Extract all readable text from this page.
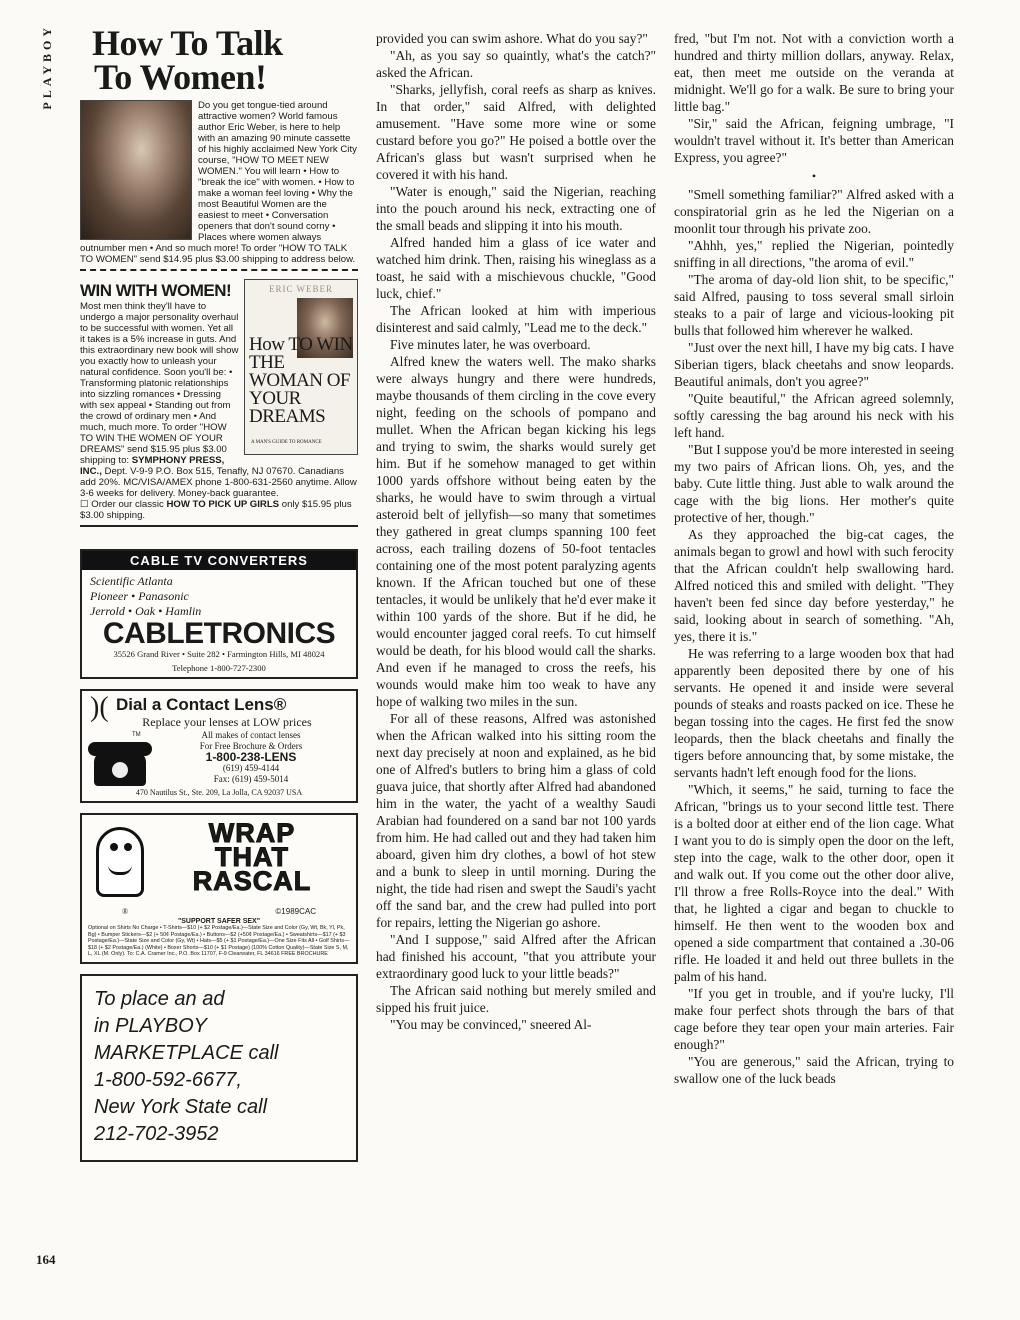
PLAYBOY
164
How To Talk
To Women!
Do you get tongue-tied around attractive women? World famous author Eric Weber, is here to help with an amazing 90 minute cassette of his highly acclaimed New York City course, "HOW TO MEET NEW WOMEN." You will learn • How to "break the ice" with women. • How to make a woman feel loving • Why the most Beautiful Women are the easiest to meet • Conversation openers that don't sound corny • Places where women always outnumber men • And so much more! To order "HOW TO TALK TO WOMEN" send $14.95 plus $3.00 shipping to address below.
WIN WITH WOMEN!	ERIC WEBER
How TO WIN THE WOMAN OF YOUR DREAMS
A MAN'S GUIDE TO ROMANCE
Most men think they'll have to undergo a major personality overhaul to be successful with women. Yet all it takes is a 5% increase in guts. And this extraordinary new book will show you exactly how to unleash your natural confidence. Soon you'll be: • Transforming platonic relationships into sizzling romances • Dressing with sex appeal • Standing out from the crowd of ordinary men • And much, much more. To order "HOW TO WIN THE WOMEN OF YOUR DREAMS" send $15.95 plus $3.00 shipping to: SYMPHONY PRESS, INC., Dept. V-9-9 P.O. Box 515, Tenafly, NJ 07670. Canadians add 20%. MC/VISA/AMEX phone 1-800-631-2560 anytime. Allow 3-6 weeks for delivery. Money-back guarantee.
☐ Order our classic HOW TO PICK UP GIRLS only $15.95 plus $3.00 shipping.
CABLE TV CONVERTERS
Scientific Atlanta
Pioneer • Panasonic
Jerrold • Oak • Hamlin
CABLETRONICS
35526 Grand River • Suite 282 • Farmington Hills, MI 48024
Telephone 1-800-727-2300
)( Dial a Contact Lens®
Replace your lenses at LOW prices
TM	All makes of contact lenses
For Free Brochure & Orders
1-800-238-LENS
(619) 459-4144
Fax: (619) 459-5014
470 Nautilus St., Ste. 209, La Jolla, CA 92037 USA
WRAP
THAT
RASCAL
®	©1989CAC
"SUPPORT SAFER SEX"
Optional on Shirts No Charge • T-Shirts—$10 (+ $2 Postage/Ea.)—State Size and Color (Gy, Wt, Bk, Yl, Pk, Bg) • Bumper Stickers—$2 (+ 50¢ Postage/Ea.) • Buttons—$2 (+50¢ Postage/Ea.) • Sweatshirts—$17 (+ $3 Postage/Ea.)—State Size and Color (Gy, Wt) • Hats—$5 (+ $1 Postage/Ea.)—One Size Fits All • Golf Shirts—$18 (+ $2 Postage/Ea.) (White) • Boxer Shorts—$10 (+ $1 Postage) (100% Cotton Quality)—State Size S, M, L, XL (M. Only). To: C.A. Cramer Inc., P.O. Box 11707, F-9 Clearwater, FL 34616 FREE BROCHURE
To place an ad
in PLAYBOY
MARKETPLACE call
1-800-592-6677,
New York State call
212-702-3952

provided you can swim ashore. What do you say?"

"Ah, as you say so quaintly, what's the catch?" asked the African.

"Sharks, jellyfish, coral reefs as sharp as knives. In that order," said Alfred, with delighted amusement. "Have some more wine or some custard before you go?" He poised a bottle over the African's glass but wasn't surprised when he covered it with his hand.

"Water is enough," said the Nigerian, reaching into the pouch around his neck, extracting one of the small beads and slipping it into his mouth.

Alfred handed him a glass of ice water and watched him drink. Then, raising his wineglass as a toast, he said with a mischievous chuckle, "Good luck, chief."

The African looked at him with imperious disinterest and said calmly, "Lead me to the deck."

Five minutes later, he was overboard.

Alfred knew the waters well. The mako sharks were always hungry and there were hundreds, maybe thousands of them circling in the cove every night, feeding on the schools of pompano and mullet. When the African began kicking his legs and trying to swim, the sharks would surely get him. But if he somehow managed to get within 1000 yards offshore without being eaten by the sharks, he would have to swim through a virtual asteroid belt of jellyfish—so many that sometimes they gathered in great clumps spanning 100 feet across, each trailing dozens of 50-foot tentacles containing one of the most potent paralyzing agents known. If the African touched but one of these tentacles, it would be unlikely that he'd ever make it within 100 yards of the shore. But if he did, he would encounter jagged coral reefs. To cut himself would be death, for his blood would call the sharks. And even if he managed to cross the reefs, his wounds would make him too weak to have any hope of walking two miles in the sun.

For all of these reasons, Alfred was astonished when the African walked into his sitting room the next day precisely at noon and explained, as he bid one of Alfred's butlers to bring him a glass of cold guava juice, that shortly after Alfred had abandoned him in the water, the yacht of a wealthy Saudi Arabian had foundered on a sand bar not 100 yards from him. He had called out and they had taken him aboard, given him dry clothes, a bowl of hot stew and a bunk to sleep in until morning. During the night, the tide had risen and swept the Saudi's yacht off the sand bar, and the crew had pulled into port for repairs, letting the Nigerian go ashore.

"And I suppose," said Alfred after the African had finished his account, "that you attribute your extraordinary good luck to your little beads?"

The African said nothing but merely smiled and sipped his fruit juice.

"You may be convinced," sneered Al-

fred, "but I'm not. Not with a conviction worth a hundred and thirty million dollars, anyway. Relax, eat, then meet me outside on the veranda at midnight. We'll go for a walk. Be sure to bring your little bag."

"Sir," said the African, feigning umbrage, "I wouldn't travel without it. It's better than American Express, you agree?"

•

"Smell something familiar?" Alfred asked with a conspiratorial grin as he led the Nigerian on a moonlit tour through his private zoo.

"Ahhh, yes," replied the Nigerian, pointedly sniffing in all directions, "the aroma of evil."

"The aroma of day-old lion shit, to be specific," said Alfred, pausing to toss several small sirloin steaks to a pair of large and vicious-looking pit bulls that followed him wherever he walked.

"Just over the next hill, I have my big cats. I have Siberian tigers, black cheetahs and snow leopards. Beautiful animals, don't you agree?"

"Quite beautiful," the African agreed solemnly, softly caressing the bag around his neck with his left hand.

"But I suppose you'd be more interested in seeing my two pairs of African lions. Oh, yes, and the baby. Cute little thing. Just able to walk around the cage with the big lions. Her mother's quite protective of her, though."

As they approached the big-cat cages, the animals began to growl and howl with such ferocity that the African couldn't help swallowing hard. Alfred noticed this and smiled with delight. "They haven't been fed since day before yesterday," he said, looking about in search of something. "Ah, yes, there it is."

He was referring to a large wooden box that had apparently been deposited there by one of his servants. He opened it and inside were several pounds of steaks and roasts packed on ice. These he began tossing into the cages. He first fed the snow leopards, then the black cheetahs and finally the tigers before announcing that, by some mistake, the servants hadn't left enough food for the lions.

"Which, it seems," he said, turning to face the African, "brings us to your second little test. There is a bolted door at either end of the lion cage. What I want you to do is simply open the door on the left, step into the cage, walk to the other door, open it and walk out. If you come out the other door alive, I'll throw a free Rolls-Royce into the deal." With that, he lighted a cigar and began to chuckle to himself. He then went to the wooden box and opened a side compartment that contained a .30-06 rifle. He loaded it and held out three bullets in the palm of his hand.

"If you get in trouble, and if you're lucky, I'll make four perfect shots through the bars of that cage before they tear open your main arteries. Fair enough?"

"You are generous," said the African, trying to swallow one of the luck beads
